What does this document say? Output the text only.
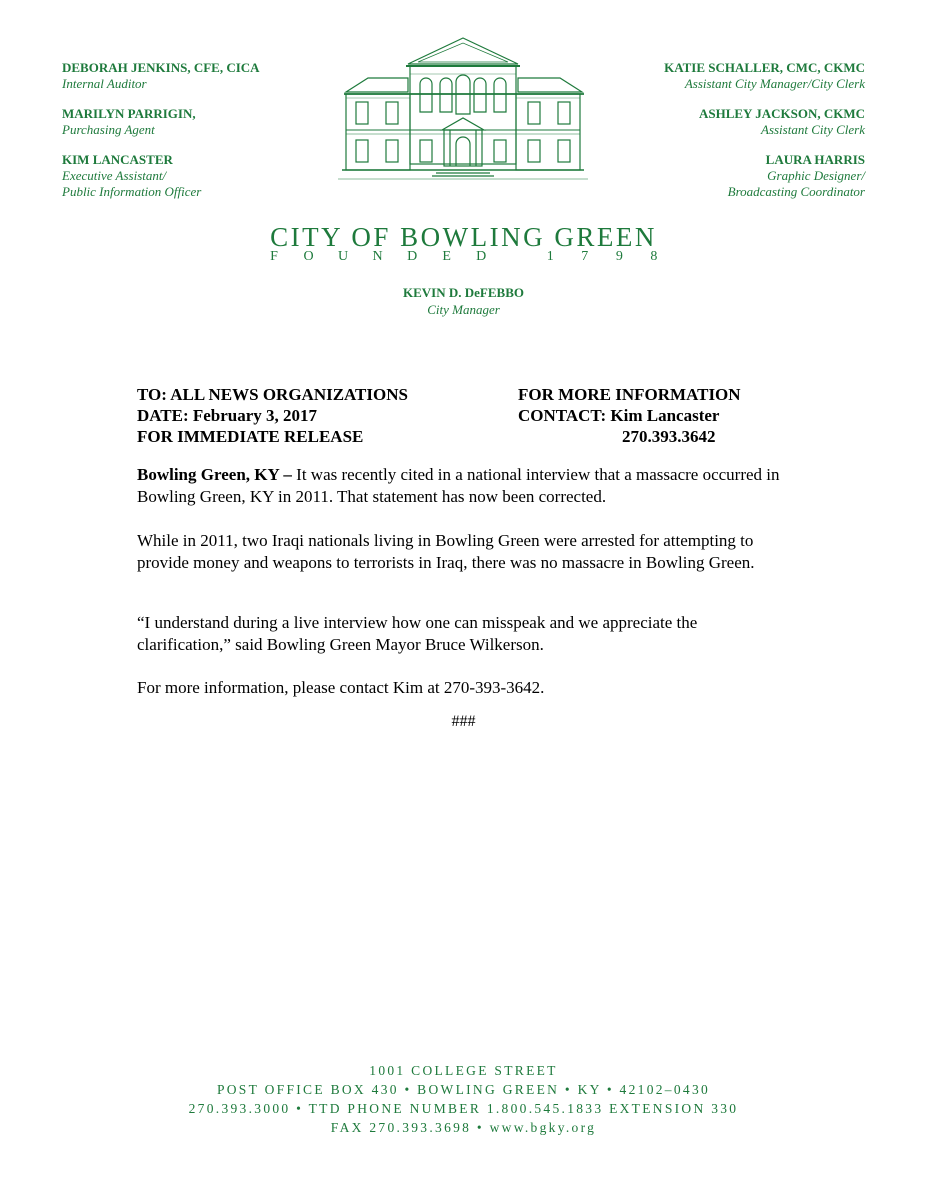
DEBORAH JENKINS, CFE, CICA
Internal Auditor
MARILYN PARRIGIN,
Purchasing Agent
KIM LANCASTER
Executive Assistant/
Public Information Officer
KATIE SCHALLER, CMC, CKMC
Assistant City Manager/City Clerk
ASHLEY JACKSON, CKMC
Assistant City Clerk
LAURA HARRIS
Graphic Designer/
Broadcasting Coordinator
CITY OF BOWLING GREEN
F O U N D E D	1 7 9 8
KEVIN D. DeFEBBO
City Manager
TO: ALL NEWS ORGANIZATIONS
DATE: February 3, 2017
FOR IMMEDIATE RELEASE
FOR MORE INFORMATION
CONTACT: Kim Lancaster
270.393.3642
Bowling Green, KY – It was recently cited in a national interview that a massacre occurred in Bowling Green, KY in 2011. That statement has now been corrected.
While in 2011, two Iraqi nationals living in Bowling Green were arrested for attempting to provide money and weapons to terrorists in Iraq, there was no massacre in Bowling Green.
“I understand during a live interview how one can misspeak and we appreciate the clarification,” said Bowling Green Mayor Bruce Wilkerson.
For more information, please contact Kim at 270-393-3642.
###
1001 COLLEGE STREET
POST OFFICE BOX 430 • BOWLING GREEN • KY • 42102–0430
270.393.3000 • TTD PHONE NUMBER 1.800.545.1833 EXTENSION 330
FAX 270.393.3698 • www.bgky.org
